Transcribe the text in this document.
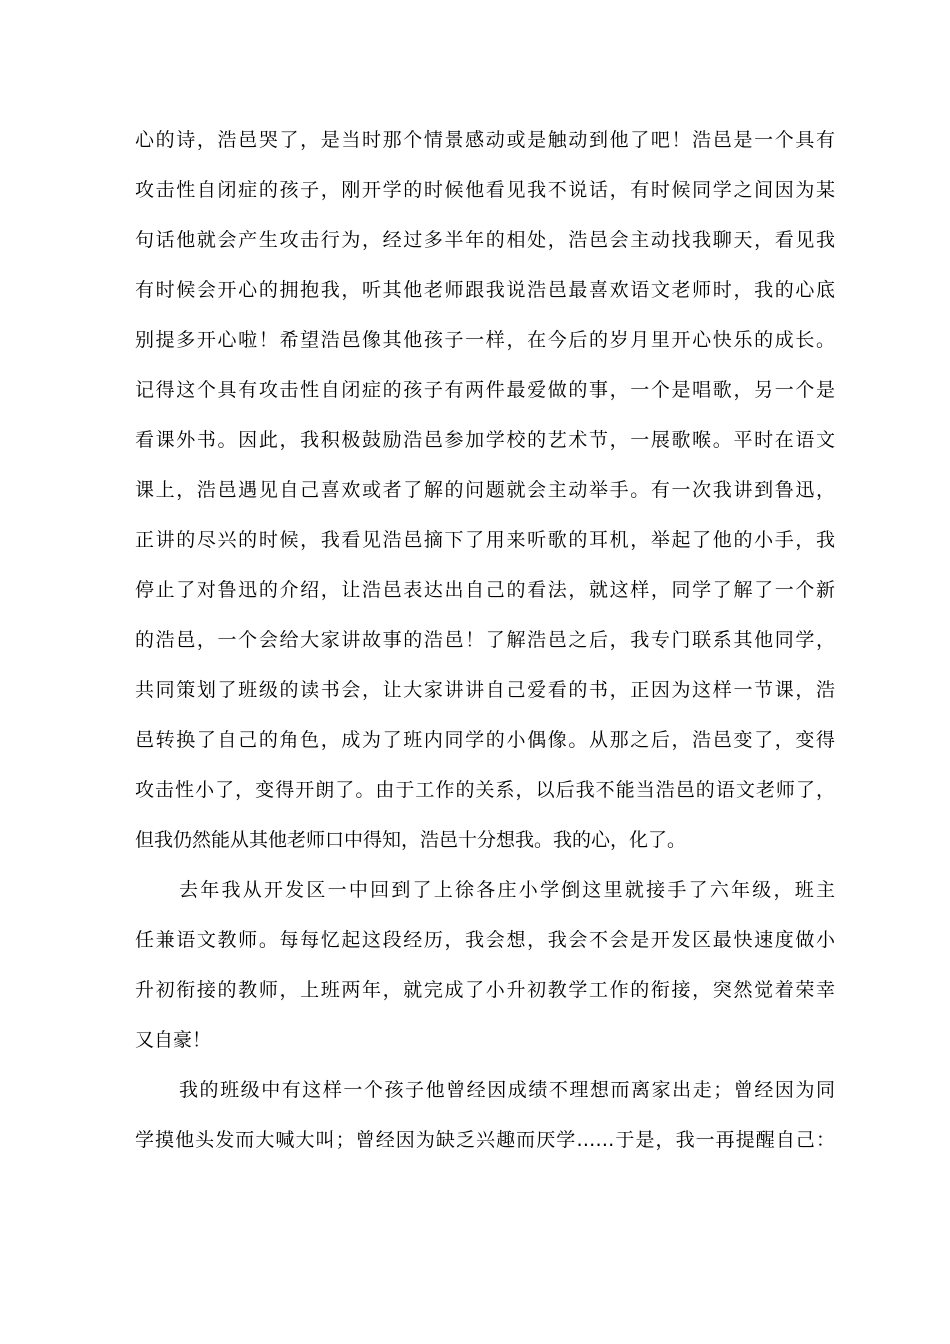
心的诗，浩邑哭了，是当时那个情景感动或是触动到他了吧！浩邑是一个具有
攻击性自闭症的孩子，刚开学的时候他看见我不说话，有时候同学之间因为某
句话他就会产生攻击行为，经过多半年的相处，浩邑会主动找我聊天，看见我
有时候会开心的拥抱我，听其他老师跟我说浩邑最喜欢语文老师时，我的心底
别提多开心啦！希望浩邑像其他孩子一样，在今后的岁月里开心快乐的成长。
记得这个具有攻击性自闭症的孩子有两件最爱做的事，一个是唱歌，另一个是
看课外书。因此，我积极鼓励浩邑参加学校的艺术节，一展歌喉。平时在语文
课上，浩邑遇见自己喜欢或者了解的问题就会主动举手。有一次我讲到鲁迅，
正讲的尽兴的时候，我看见浩邑摘下了用来听歌的耳机，举起了他的小手，我
停止了对鲁迅的介绍，让浩邑表达出自己的看法，就这样，同学了解了一个新
的浩邑，一个会给大家讲故事的浩邑！了解浩邑之后，我专门联系其他同学，
共同策划了班级的读书会，让大家讲讲自己爱看的书，正因为这样一节课，浩
邑转换了自己的角色，成为了班内同学的小偶像。从那之后，浩邑变了，变得
攻击性小了，变得开朗了。由于工作的关系，以后我不能当浩邑的语文老师了，
但我仍然能从其他老师口中得知，浩邑十分想我。我的心，化了。
去年我从开发区一中回到了上徐各庄小学倒这里就接手了六年级，班主
任兼语文教师。每每忆起这段经历，我会想，我会不会是开发区最快速度做小
升初衔接的教师，上班两年，就完成了小升初教学工作的衔接，突然觉着荣幸
又自豪！
我的班级中有这样一个孩子他曾经因成绩不理想而离家出走；曾经因为同
学摸他头发而大喊大叫；曾经因为缺乏兴趣而厌学……于是，我一再提醒自己：
